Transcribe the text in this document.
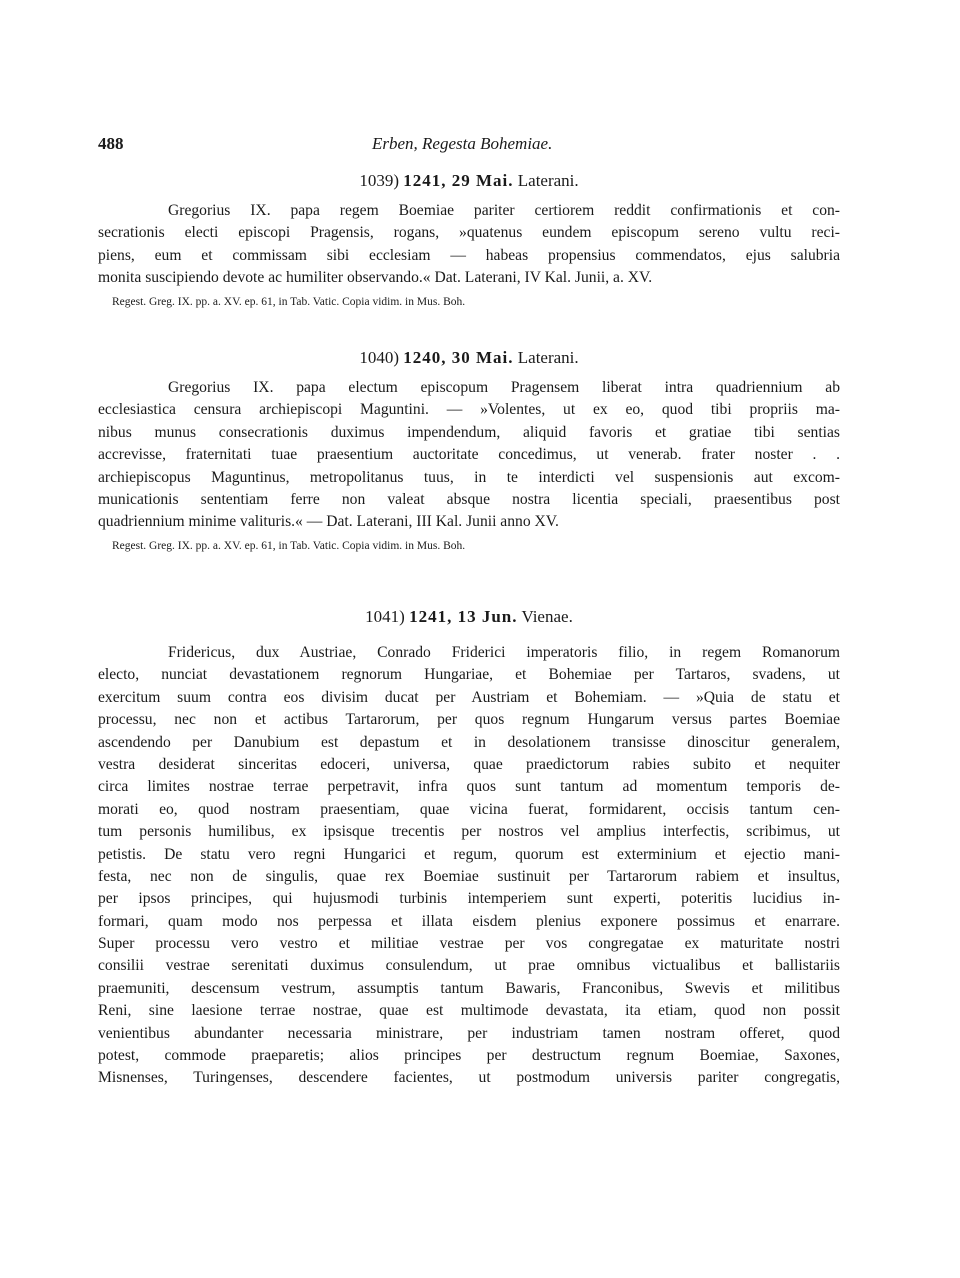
488	Erben, Regesta Bohemiae.
1039) 1241, 29 Mai. Laterani.
Gregorius IX. papa regem Boemiae pariter certiorem reddit confirmationis et con-
secrationis electi episcopi Pragensis, rogans, »quatenus eundem episcopum sereno vultu reci-
piens, eum et commissam sibi ecclesiam — habeas propensius commendatos, ejus salubria
monita suscipiendo devote ac humiliter observando.« Dat. Laterani, IV Kal. Junii, a. XV.
Regest. Greg. IX. pp. a. XV. ep. 61, in Tab. Vatic. Copia vidim. in Mus. Boh.
1040) 1240, 30 Mai. Laterani.
Gregorius IX. papa electum episcopum Pragensem liberat intra quadriennium ab
ecclesiastica censura archiepiscopi Maguntini. — »Volentes, ut ex eo, quod tibi propriis ma-
nibus munus consecrationis duximus impendendum, aliquid favoris et gratiae tibi sentias
accrevisse, fraternitati tuae praesentium auctoritate concedimus, ut venerab. frater noster . .
archiepiscopus Maguntinus, metropolitanus tuus, in te interdicti vel suspensionis aut excom-
municationis sententiam ferre non valeat absque nostra licentia speciali, praesentibus post
quadriennium minime valituris.« — Dat. Laterani, III Kal. Junii anno XV.
Regest. Greg. IX. pp. a. XV. ep. 61, in Tab. Vatic. Copia vidim. in Mus. Boh.
1041) 1241, 13 Jun. Vienae.
Fridericus, dux Austriae, Conrado Friderici imperatoris filio, in regem Romanorum
electo, nunciat devastationem regnorum Hungariae, et Bohemiae per Tartaros, svadens, ut
exercitum suum contra eos divisim ducat per Austriam et Bohemiam. — »Quia de statu et
processu, nec non et actibus Tartarorum, per quos regnum Hungarum versus partes Boemiae
ascendendo per Danubium est depastum et in desolationem transisse dinoscitur generalem,
vestra desiderat sinceritas edoceri, universa, quae praedictorum rabies subito et nequiter
circa limites nostrae terrae perpetravit, infra quos sunt tantum ad momentum temporis de-
morati eo, quod nostram praesentiam, quae vicina fuerat, formidarent, occisis tantum cen-
tum personis humilibus, ex ipsisque trecentis per nostros vel amplius interfectis, scribimus, ut
petistis. De statu vero regni Hungarici et regum, quorum est exterminium et ejectio mani-
festa, nec non de singulis, quae rex Boemiae sustinuit per Tartarorum rabiem et insultus,
per ipsos principes, qui hujusmodi turbinis intemperiem sunt experti, poteritis lucidius in-
formari, quam modo nos perpessa et illata eisdem plenius exponere possimus et enarrare.
Super processu vero vestro et militiae vestrae per vos congregatae ex maturitate nostri
consilii vestrae serenitati duximus consulendum, ut prae omnibus victualibus et ballistariis
praemuniti, descensum vestrum, assumptis tantum Bawaris, Franconibus, Swevis et militibus
Reni, sine laesione terrae nostrae, quae est multimode devastata, ita etiam, quod non possit
venientibus abundanter necessaria ministrare, per industriam tamen nostram offeret, quod
potest, commode praeparetis; alios principes per destructum regnum Boemiae, Saxones,
Misnenses, Turingenses, descendere facientes, ut postmodum universis pariter congregatis,
